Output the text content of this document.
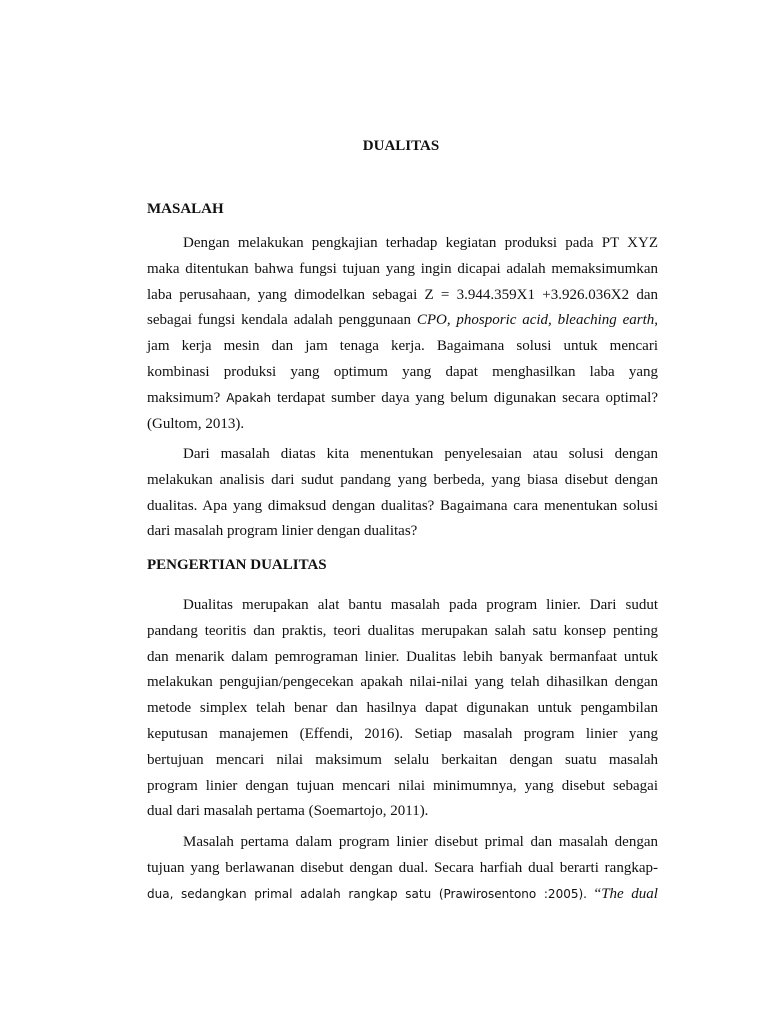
DUALITAS
MASALAH
Dengan melakukan pengkajian terhadap kegiatan produksi pada PT XYZ
maka ditentukan bahwa fungsi tujuan yang ingin dicapai adalah memaksimumkan
laba perusahaan, yang dimodelkan sebagai Z = 3.944.359X1 +3.926.036X2 dan
sebagai fungsi kendala adalah penggunaan CPO, phosporic acid, bleaching earth,
jam kerja mesin dan jam tenaga kerja. Bagaimana solusi untuk mencari
kombinasi produksi yang optimum yang dapat menghasilkan laba yang
maksimum? Apakah terdapat sumber daya yang belum digunakan secara optimal?
(Gultom, 2013).
Dari masalah diatas kita menentukan penyelesaian atau solusi dengan
melakukan analisis dari sudut pandang yang berbeda, yang biasa disebut dengan
dualitas. Apa yang dimaksud dengan dualitas? Bagaimana cara menentukan solusi
dari masalah program linier dengan dualitas?
PENGERTIAN DUALITAS
Dualitas merupakan alat bantu masalah pada program linier. Dari sudut
pandang teoritis dan praktis, teori dualitas merupakan salah satu konsep penting
dan menarik dalam pemrograman linier. Dualitas lebih banyak bermanfaat untuk
melakukan pengujian/pengecekan apakah nilai-nilai yang telah dihasilkan dengan
metode simplex telah benar dan hasilnya dapat digunakan untuk pengambilan
keputusan manajemen (Effendi, 2016). Setiap masalah program linier yang
bertujuan mencari nilai maksimum selalu berkaitan dengan suatu masalah
program linier dengan tujuan mencari nilai minimumnya, yang disebut sebagai
dual dari masalah pertama (Soemartojo, 2011).
Masalah pertama dalam program linier disebut primal dan masalah dengan
tujuan yang berlawanan disebut dengan dual. Secara harfiah dual berarti rangkap-
dua, sedangkan primal adalah rangkap satu (Prawirosentono :2005). “The dual
